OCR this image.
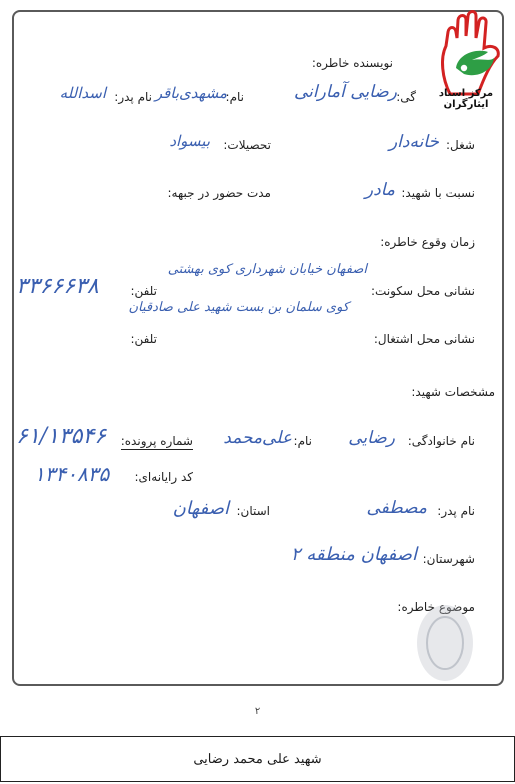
مرکز اسناد ایثارگران
نویسنده خاطره:
گی:
رضایی آمارانی
نام:
مشهدی‌باقر
نام پدر:
اسدالله
شغل:
خانه‌دار
تحصیلات:
بیسواد
نسبت با شهید:
مادر
مدت حضور در جبهه:
زمان وقوع خاطره:
نشانی محل سکونت:
اصفهان خیابان شهرداری کوی بهشتی
کوی سلمان بن بست شهید علی صادقیان
تلفن:
۳۳۶۶۶۳۸
نشانی محل اشتغال:
تلفن:
مشخصات شهید:
نام خانوادگی:
رضایی
نام:
علی‌محمد
شماره پرونده:
۶۱/۱۳۵۴۶
کد رایانه‌ای:
۱۳۴۰۸۳۵
نام پدر:
مصطفی
استان:
اصفهان
شهرستان:
اصفهان منطقه ۲
موضوع خاطره:
۲
شهید علی محمد رضایی
